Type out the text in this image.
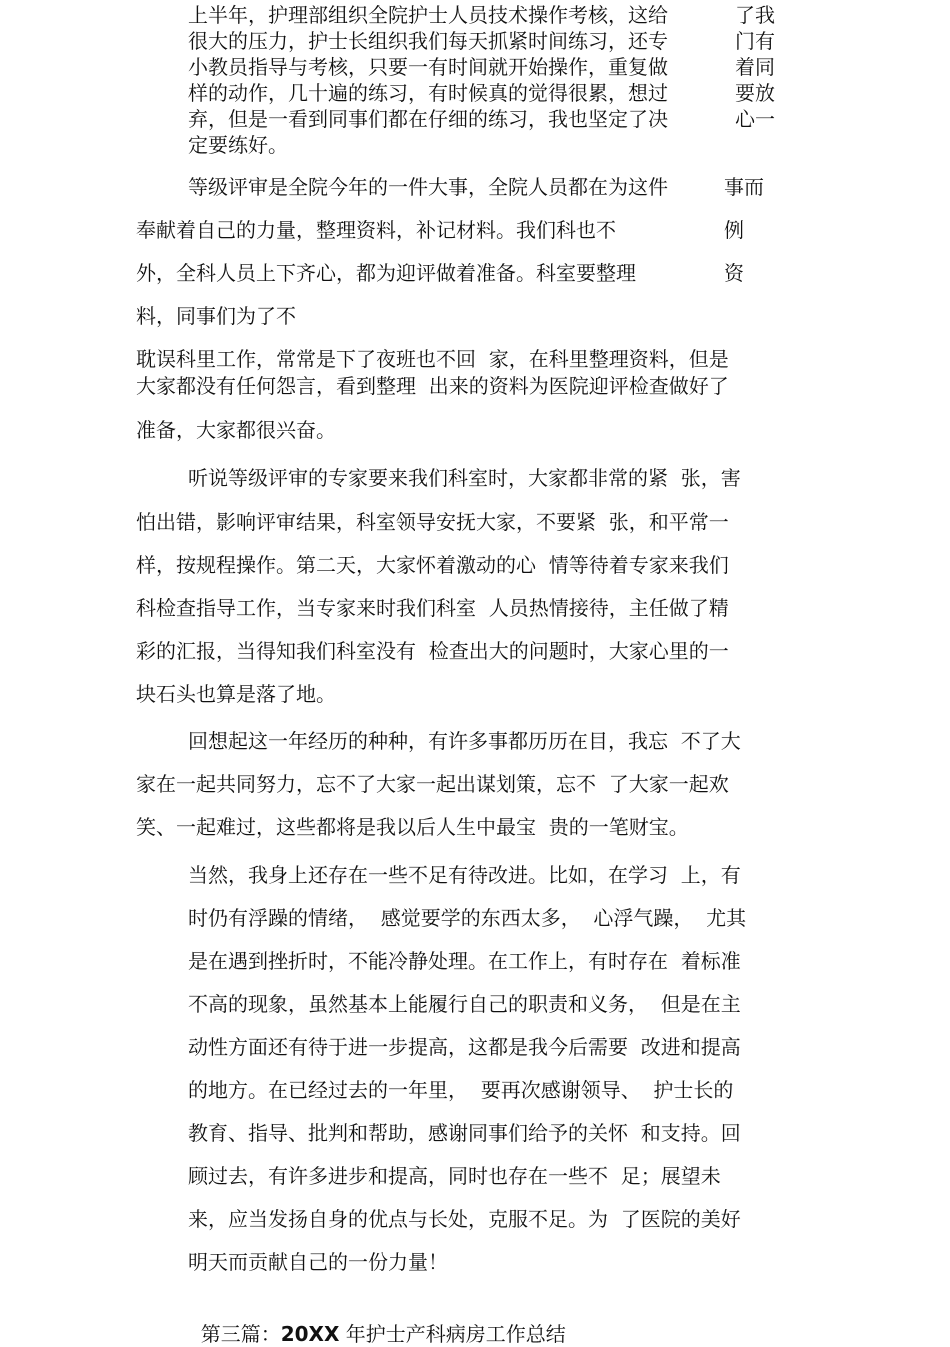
上半年，护理部组织全院护士人员技术操作考核，这给

很大的压力，护士长组织我们每天抓紧时间练习，还专

小教员指导与考核，只要一有时间就开始操作，重复做

样的动作，几十遍的练习，有时候真的觉得很累，想过

弃，但是一看到同事们都在仔细的练习，我也坚定了决

定要练好。

了我

门有

着同

要放

心一

等级评审是全院今年的一件大事，全院人员都在为这件	事而

奉献着自己的力量，整理资料，补记材料。我们科也不	例

外，全科人员上下齐心，都为迎评做着准备。科室要整理	资

料，同事们为了不

耽误科里工作，常常是下了夜班也不回  家，在科里整理资料，但是

大家都没有任何怨言，看到整理  出来的资料为医院迎评检查做好了

准备，大家都很兴奋。

听说等级评审的专家要来我们科室时，大家都非常的紧  张，害

怕出错，影响评审结果，科室领导安抚大家，不要紧  张，和平常一

样，按规程操作。第二天，大家怀着激动的心  情等待着专家来我们

科检查指导工作，当专家来时我们科室  人员热情接待，主任做了精

彩的汇报，当得知我们科室没有  检查出大的问题时，大家心里的一

块石头也算是落了地。

回想起这一年经历的种种，有许多事都历历在目，我忘  不了大

家在一起共同努力，忘不了大家一起出谋划策，忘不  了大家一起欢

笑、一起难过，这些都将是我以后人生中最宝  贵的一笔财宝。

当然，我身上还存在一些不足有待改进。比如，在学习  上，有

时仍有浮躁的情绪，  感觉要学的东西太多，  心浮气躁，  尤其

是在遇到挫折时，不能冷静处理。在工作上，有时存在  着标准

不高的现象，虽然基本上能履行自己的职责和义务，  但是在主

动性方面还有待于进一步提高，这都是我今后需要  改进和提高

的地方。在已经过去的一年里，  要再次感谢领导、  护士长的

教育、指导、批判和帮助，感谢同事们给予的关怀  和支持。回

顾过去，有许多进步和提高，同时也存在一些不  足；展望未

来，应当发扬自身的优点与长处，克服不足。为  了医院的美好

明天而贡献自己的一份力量！

第三篇：20XX 年护士产科病房工作总结
